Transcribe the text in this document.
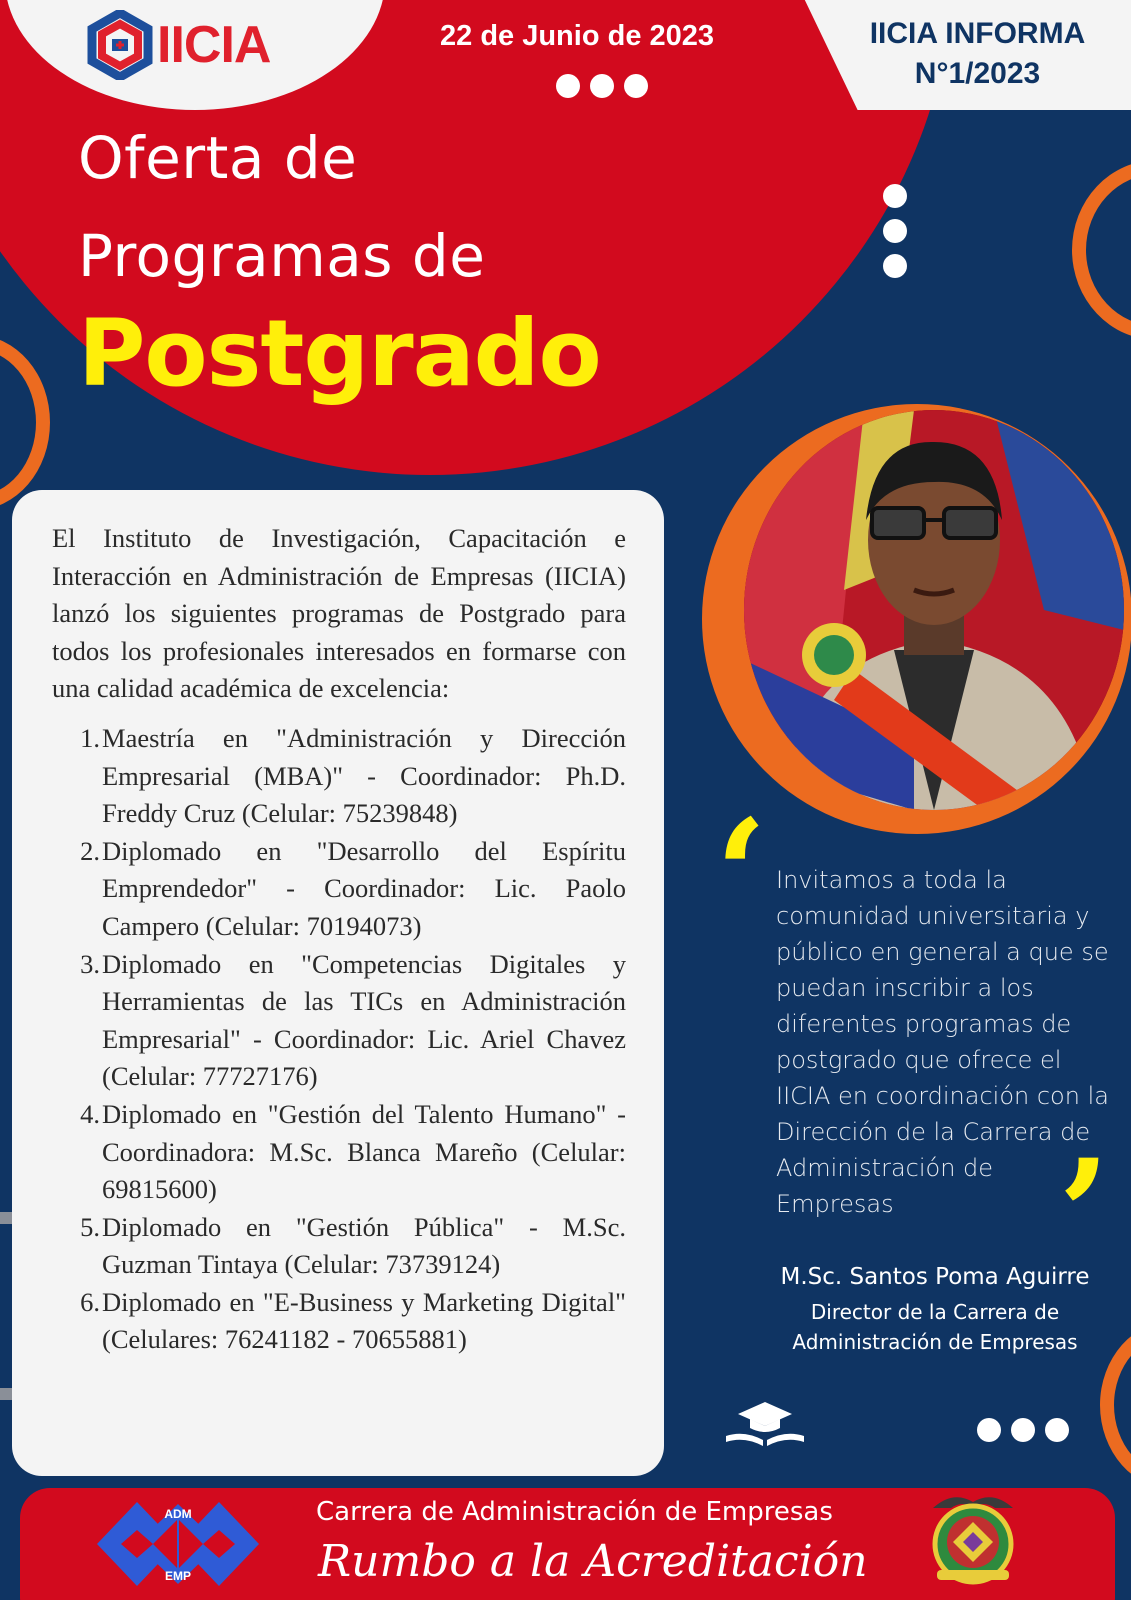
IICIA	22 de Junio de 2023	IICIA INFORMA
N°1/2023
Oferta de
Programas de
Postgrado

El Instituto de Investigación, Capacitación e Interacción en Administración de Empresas (IICIA) lanzó los siguientes programas de Postgrado para todos los profesionales interesados en formarse con una calidad académica de excelencia:

1. Maestría en "Administración y Dirección Empresarial (MBA)" - Coordinador: Ph.D. Freddy Cruz (Celular: 75239848)
2. Diplomado en "Desarrollo del Espíritu Emprendedor" - Coordinador: Lic. Paolo Campero (Celular: 70194073)
3. Diplomado en "Competencias Digitales y Herramientas de las TICs en Administración Empresarial" - Coordinador: Lic. Ariel Chavez (Celular: 77727176)
4. Diplomado en "Gestión del Talento Humano" - Coordinadora: M.Sc. Blanca Mareño (Celular: 69815600)
5. Diplomado en "Gestión Pública" - M.Sc. Guzman Tintaya (Celular: 73739124)
6. Diplomado en "E-Business y Marketing Digital" (Celulares: 76241182 - 70655881)
‘ Invitamos a toda la comunidad universitaria y público en general a que se puedan inscribir a los diferentes programas de postgrado que ofrece el IICIA en coordinación con la Dirección de la Carrera de Administración de Empresas	’
M.Sc. Santos Poma Aguirre
Director de la Carrera de
Administración de Empresas
ADM
EMP
Carrera de Administración de Empresas
Rumbo a la Acreditación
